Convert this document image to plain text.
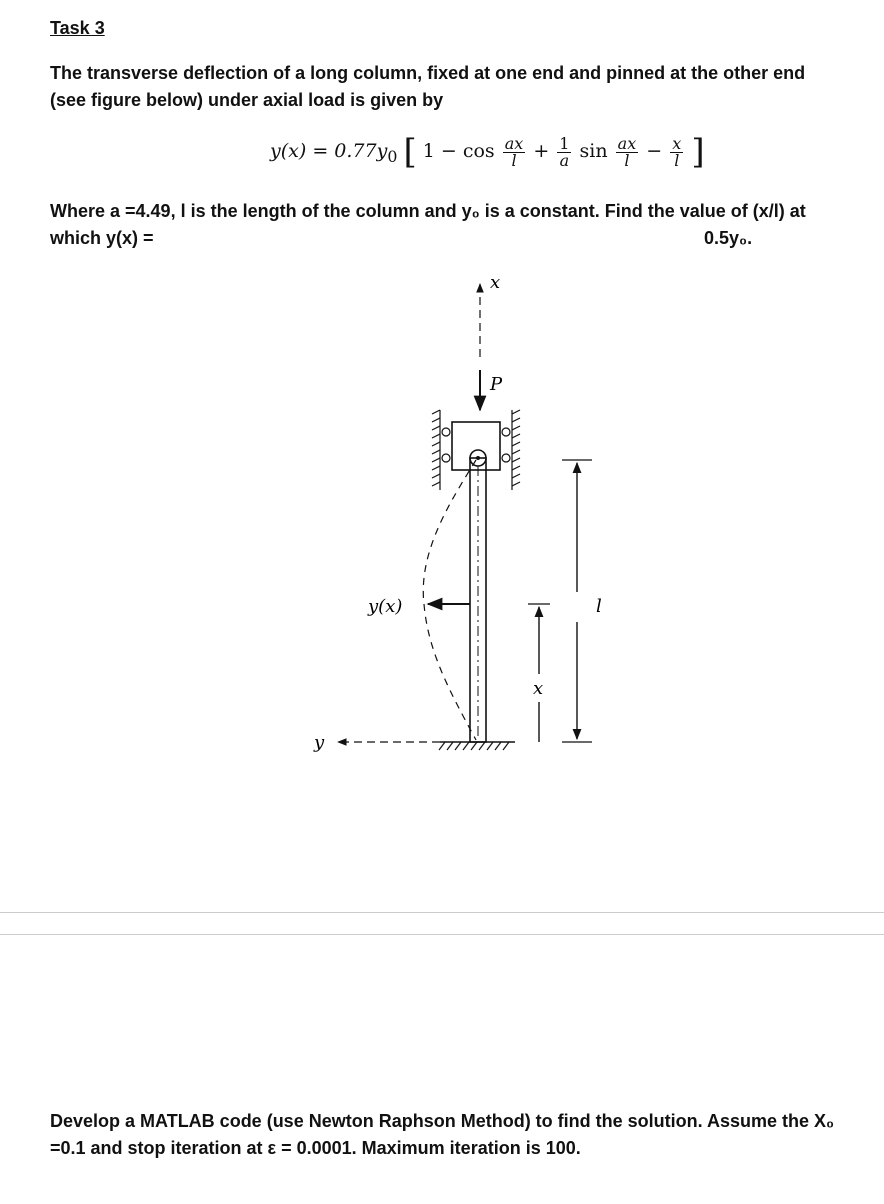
Task 3
The transverse deflection of a long column, fixed at one end and pinned at the other end
(see figure below) under axial load is given by
$y(x) = 0.77y_0$ [ $1 - \cos \frac{ax}{l} + \frac{1}{a}$ $\sin \frac{ax}{l} - \frac{x}{l}$ ]
Where a =4.49, l is the length of the column and y₀ is a constant. Find the value of (x/l) at
which y(x) =	0.5y₀.
x
P
y(x)
y
l
x
Develop a MATLAB code (use Newton Raphson Method) to find the solution. Assume the X₀
=0.1 and stop iteration at ε = 0.0001. Maximum iteration is 100.
